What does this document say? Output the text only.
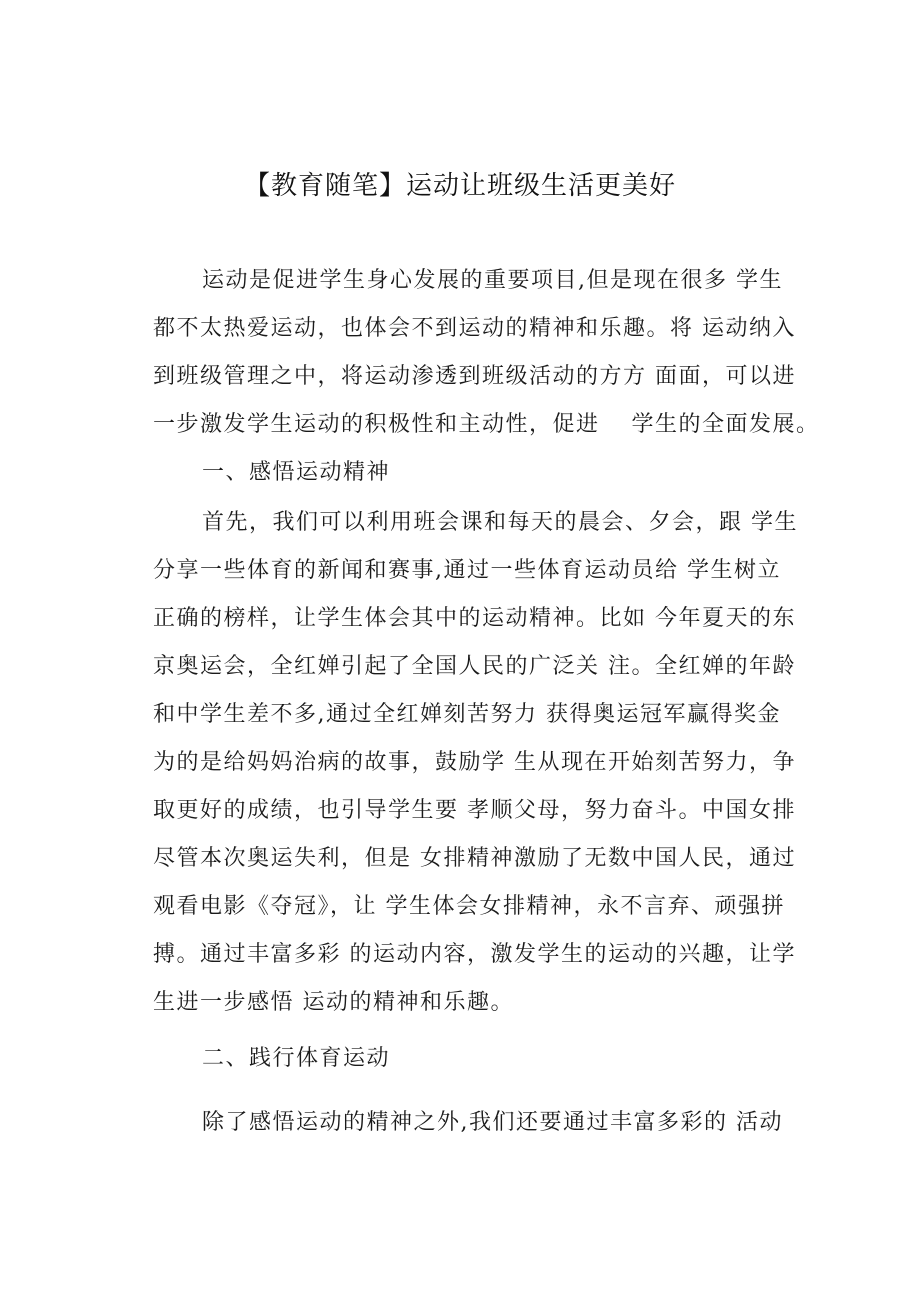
【教育随笔】运动让班级生活更美好
运动是促进学生身心发展的重要项目,但是现在很多 学生
都不太热爱运动，也体会不到运动的精神和乐趣。将 运动纳入
到班级管理之中，将运动渗透到班级活动的方方 面面，可以进
一步激发学生运动的积极性和主动性，促进　 学生的全面发展。
一、感悟运动精神
首先，我们可以利用班会课和每天的晨会、夕会，跟 学生
分享一些体育的新闻和赛事,通过一些体育运动员给 学生树立
正确的榜样，让学生体会其中的运动精神。比如 今年夏天的东
京奥运会，全红婵引起了全国人民的广泛关 注。全红婵的年龄
和中学生差不多,通过全红婵刻苦努力 获得奥运冠军赢得奖金
为的是给妈妈治病的故事，鼓励学 生从现在开始刻苦努力，争
取更好的成绩，也引导学生要 孝顺父母，努力奋斗。中国女排
尽管本次奥运失利，但是 女排精神激励了无数中国人民，通过
观看电影《夺冠》，让 学生体会女排精神，永不言弃、顽强拼
搏。通过丰富多彩 的运动内容，激发学生的运动的兴趣，让学
生进一步感悟 运动的精神和乐趣。
二、践行体育运动
除了感悟运动的精神之外,我们还要通过丰富多彩的 活动
